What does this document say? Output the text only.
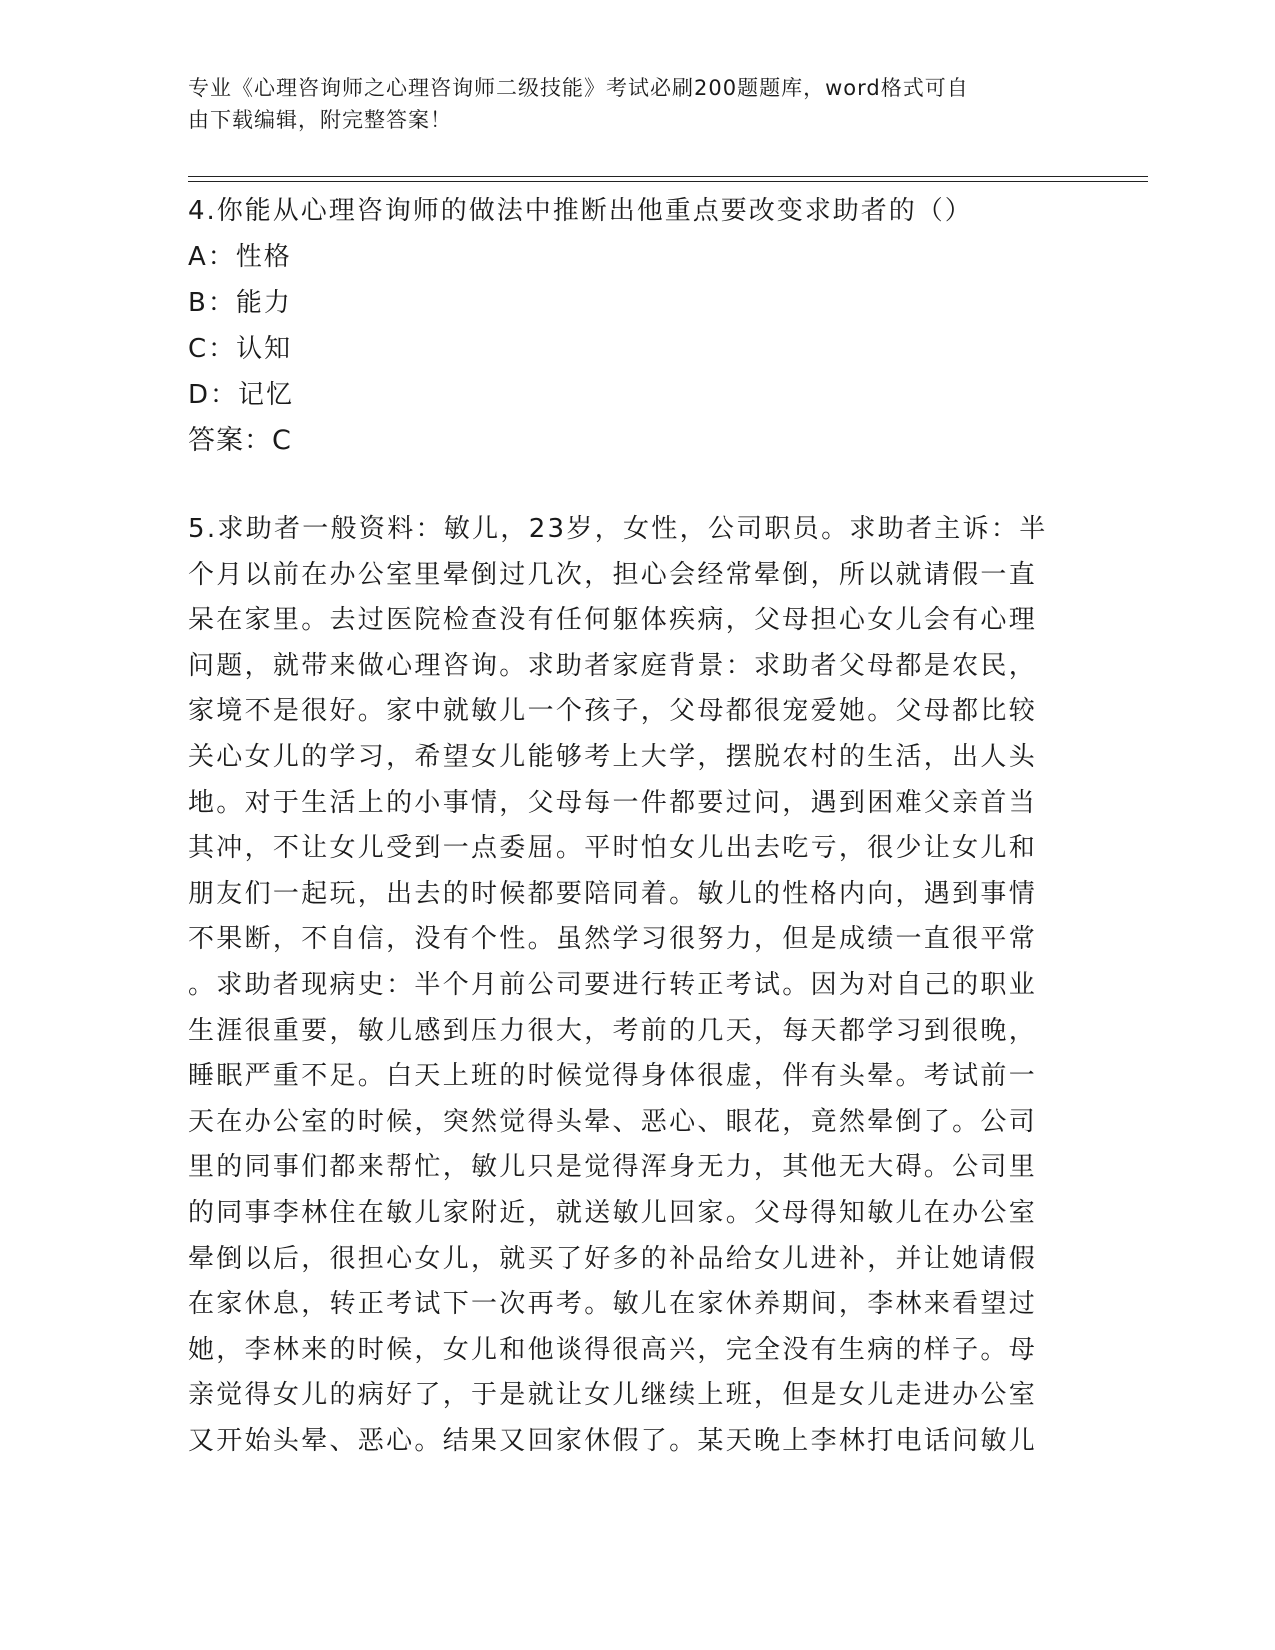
专业《心理咨询师之心理咨询师二级技能》考试必刷200题题库，word格式可自
由下载编辑，附完整答案！
4.你能从心理咨询师的做法中推断出他重点要改变求助者的（）
A：性格
B：能力
C：认知
D：记忆
答案：C
5.求助者一般资料：敏儿，23岁，女性，公司职员。求助者主诉：半
个月以前在办公室里晕倒过几次，担心会经常晕倒，所以就请假一直
呆在家里。去过医院检查没有任何躯体疾病，父母担心女儿会有心理
问题，就带来做心理咨询。求助者家庭背景：求助者父母都是农民，
家境不是很好。家中就敏儿一个孩子，父母都很宠爱她。父母都比较
关心女儿的学习，希望女儿能够考上大学，摆脱农村的生活，出人头
地。对于生活上的小事情，父母每一件都要过问，遇到困难父亲首当
其冲，不让女儿受到一点委屈。平时怕女儿出去吃亏，很少让女儿和
朋友们一起玩，出去的时候都要陪同着。敏儿的性格内向，遇到事情
不果断，不自信，没有个性。虽然学习很努力，但是成绩一直很平常
。求助者现病史：半个月前公司要进行转正考试。因为对自己的职业
生涯很重要，敏儿感到压力很大，考前的几天，每天都学习到很晚，
睡眠严重不足。白天上班的时候觉得身体很虚，伴有头晕。考试前一
天在办公室的时候，突然觉得头晕、恶心、眼花，竟然晕倒了。公司
里的同事们都来帮忙，敏儿只是觉得浑身无力，其他无大碍。公司里
的同事李林住在敏儿家附近，就送敏儿回家。父母得知敏儿在办公室
晕倒以后，很担心女儿，就买了好多的补品给女儿进补，并让她请假
在家休息，转正考试下一次再考。敏儿在家休养期间，李林来看望过
她，李林来的时候，女儿和他谈得很高兴，完全没有生病的样子。母
亲觉得女儿的病好了，于是就让女儿继续上班，但是女儿走进办公室
又开始头晕、恶心。结果又回家休假了。某天晚上李林打电话问敏儿
